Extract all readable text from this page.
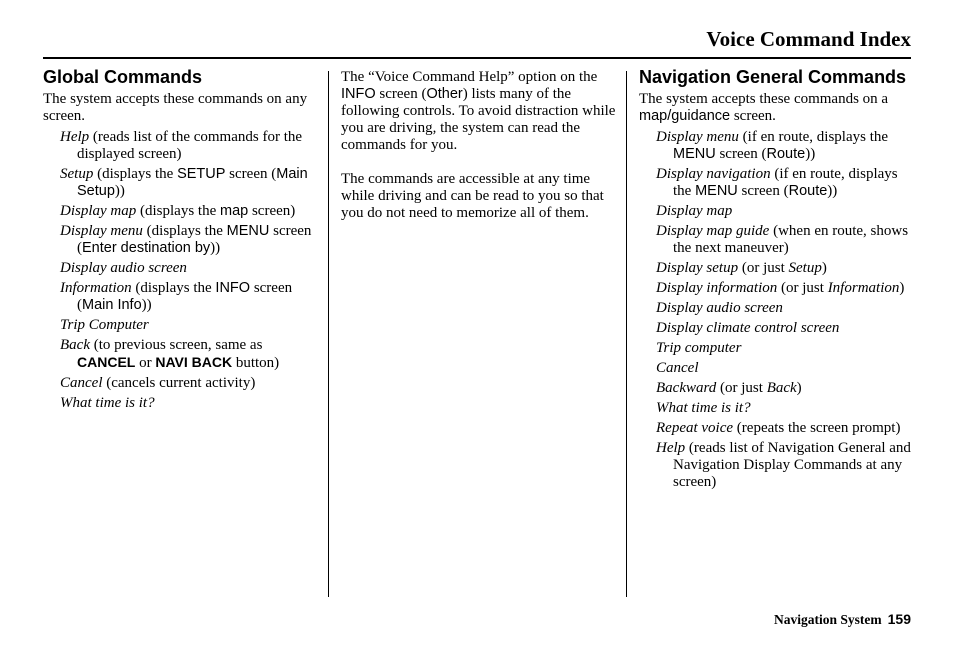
Voice Command Index
Global Commands
The system accepts these commands on any screen.
Help (reads list of the commands for the displayed screen)
Setup (displays the SETUP screen (Main Setup))
Display map (displays the map screen)
Display menu (displays the MENU screen (Enter destination by))
Display audio screen
Information (displays the INFO screen (Main Info))
Trip Computer
Back (to previous screen, same as CANCEL or NAVI BACK button)
Cancel (cancels current activity)
What time is it?

The “Voice Command Help” option on the INFO screen (Other) lists many of the following controls. To avoid distraction while you are driving, the system can read the commands for you.

The commands are accessible at any time while driving and can be read to you so that you do not need to memorize all of them.

Navigation General Commands
The system accepts these commands on a map/guidance screen.
Display menu (if en route, displays the MENU screen (Route))
Display navigation (if en route, displays the MENU screen (Route))
Display map
Display map guide (when en route, shows the next maneuver)
Display setup (or just Setup)
Display information (or just Information)
Display audio screen
Display climate control screen
Trip computer
Cancel
Backward (or just Back)
What time is it?
Repeat voice (repeats the screen prompt)
Help (reads list of Navigation General and Navigation Display Commands at any screen)
Navigation System 159
